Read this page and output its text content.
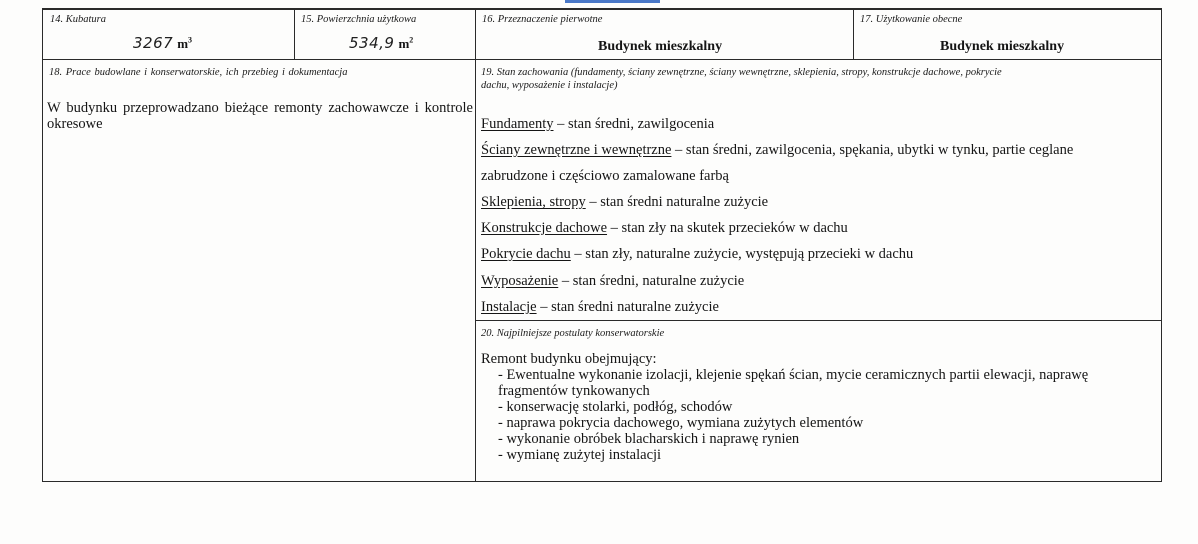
14. Kubatura
3267 $m^3$
15. Powierzchnia użytkowa
534,9 $m^2$
16. Przeznaczenie pierwotne
Budynek mieszkalny
17. Użytkowanie obecne
Budynek mieszkalny
18. Prace budowlane i konserwatorskie, ich przebieg i dokumentacja
W budynku przeprowadzano bieżące remonty zachowawcze i kontrole okresowe
19. Stan zachowania (fundamenty, ściany zewnętrzne, ściany wewnętrzne, sklepienia, stropy, konstrukcje dachowe, pokrycie
dachu, wyposażenie i instalacje)
Fundamenty – stan średni, zawilgocenia
Ściany zewnętrzne i wewnętrzne – stan średni, zawilgocenia, spękania, ubytki w tynku, partie ceglane
zabrudzone i częściowo zamalowane farbą
Sklepienia, stropy – stan średni naturalne zużycie
Konstrukcje dachowe – stan zły na skutek przecieków w dachu
Pokrycie dachu – stan zły, naturalne zużycie, występują przecieki w dachu
Wyposażenie – stan średni, naturalne zużycie
Instalacje – stan średni naturalne zużycie
20. Najpilniejsze postulaty konserwatorskie
Remont budynku obejmujący:
- Ewentualne wykonanie izolacji, klejenie spękań ścian, mycie ceramicznych partii elewacji, naprawę
fragmentów tynkowanych
- konserwację stolarki, podłóg, schodów
- naprawa pokrycia dachowego, wymiana zużytych elementów
- wykonanie obróbek blacharskich i naprawę rynien
- wymianę zużytej instalacji
